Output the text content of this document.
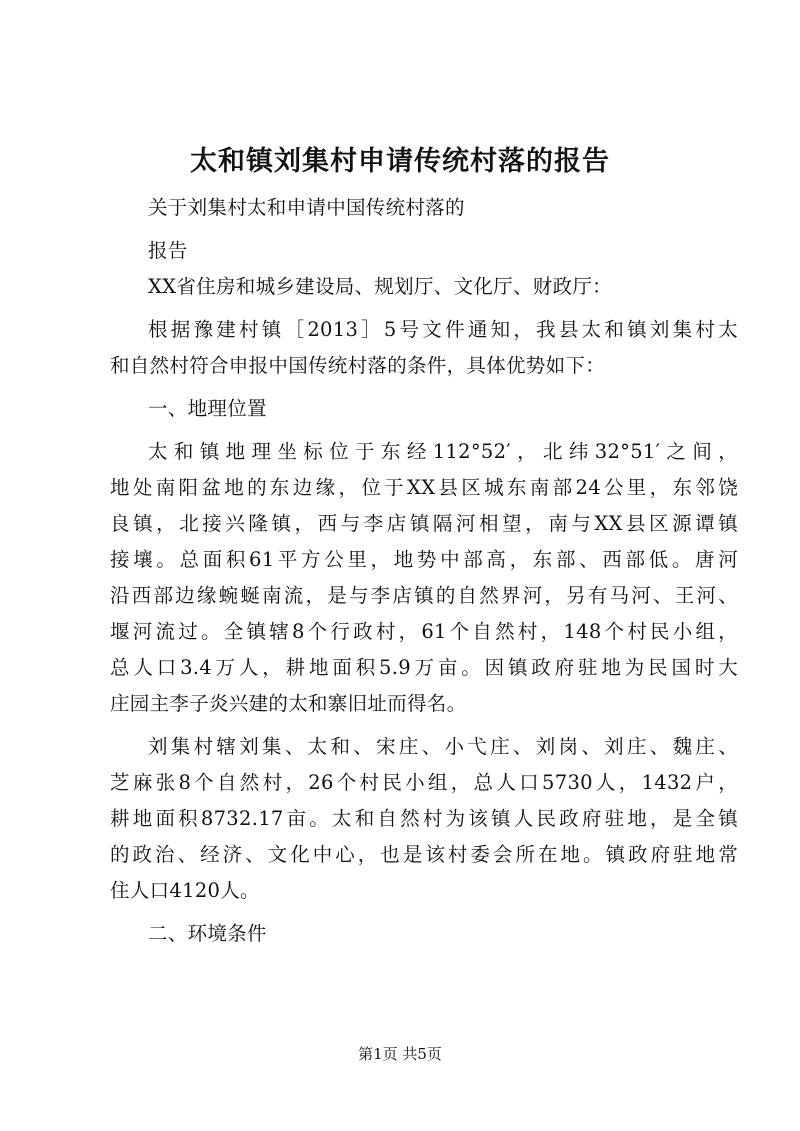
太和镇刘集村申请传统村落的报告
关于刘集村太和申请中国传统村落的
报告
XX省住房和城乡建设局、规划厅、文化厅、财政厅：
根据豫建村镇［2013］5号文件通知，我县太和镇刘集村太
和自然村符合申报中国传统村落的条件，具体优势如下：
一、地理位置
太和镇地理坐标位于东经112°52′，北纬32°51′之间，
地处南阳盆地的东边缘，位于XX县区城东南部24公里，东邻饶
良镇，北接兴隆镇，西与李店镇隔河相望，南与XX县区源谭镇
接壤。总面积61平方公里，地势中部高，东部、西部低。唐河
沿西部边缘蜿蜒南流，是与李店镇的自然界河，另有马河、王河、
堰河流过。全镇辖8个行政村，61个自然村，148个村民小组，
总人口3.4万人，耕地面积5.9万亩。因镇政府驻地为民国时大
庄园主李子炎兴建的太和寨旧址而得名。
刘集村辖刘集、太和、宋庄、小弋庄、刘岗、刘庄、魏庄、
芝麻张8个自然村，26个村民小组，总人口5730人，1432户，
耕地面积8732.17亩。太和自然村为该镇人民政府驻地，是全镇
的政治、经济、文化中心，也是该村委会所在地。镇政府驻地常
住人口4120人。
二、环境条件
第1页 共5页
